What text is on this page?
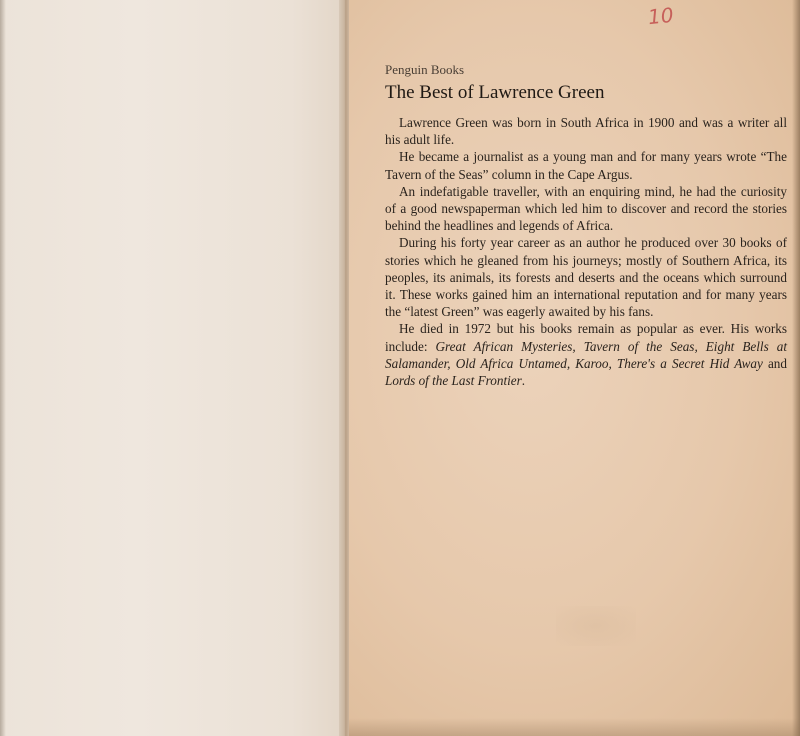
10

Penguin Books

The Best of Lawrence Green

Lawrence Green was born in South Africa in 1900 and was a writer all his adult life.

He became a journalist as a young man and for many years wrote “The Tavern of the Seas” column in the Cape Argus.

An indefatigable traveller, with an enquiring mind, he had the curiosity of a good newspaperman which led him to discover and record the stories behind the headlines and legends of Africa.

During his forty year career as an author he produced over 30 books of stories which he gleaned from his journeys; mostly of Southern Africa, its peoples, its animals, its forests and deserts and the oceans which surround it. These works gained him an international reputation and for many years the “latest Green” was eagerly awaited by his fans.

He died in 1972 but his books remain as popular as ever. His works include: Great African Mysteries, Tavern of the Seas, Eight Bells at Salamander, Old Africa Untamed, Karoo, There's a Secret Hid Away and Lords of the Last Frontier.
